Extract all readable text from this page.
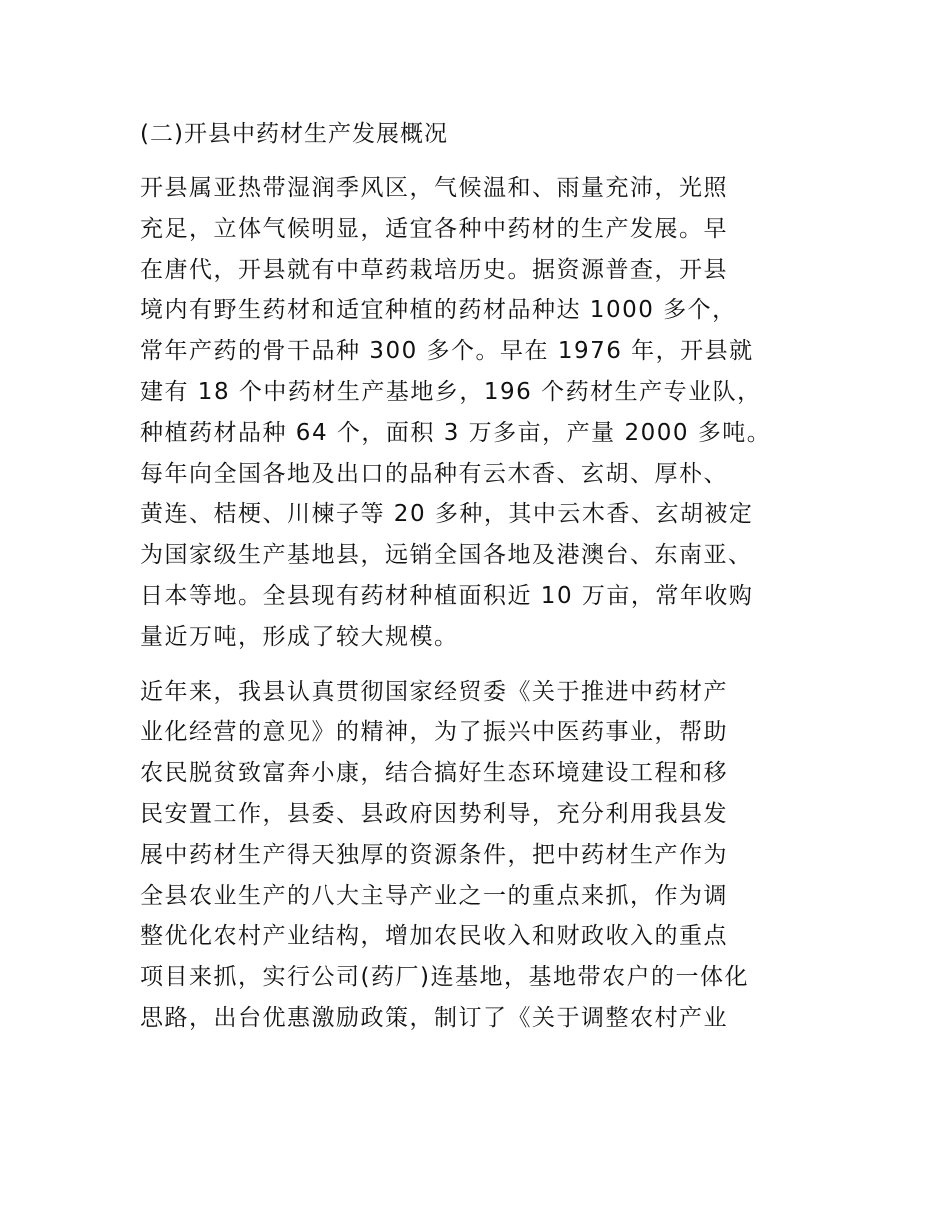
(二)开县中药材生产发展概况
开县属亚热带湿润季风区，气候温和、雨量充沛，光照
充足，立体气候明显，适宜各种中药材的生产发展。早
在唐代，开县就有中草药栽培历史。据资源普查，开县
境内有野生药材和适宜种植的药材品种达 1000 多个，
常年产药的骨干品种 300 多个。早在 1976 年，开县就
建有 18 个中药材生产基地乡，196 个药材生产专业队，
种植药材品种 64 个，面积 3 万多亩，产量 2000 多吨。
每年向全国各地及出口的品种有云木香、玄胡、厚朴、
黄连、桔梗、川楝子等 20 多种，其中云木香、玄胡被定
为国家级生产基地县，远销全国各地及港澳台、东南亚、
日本等地。全县现有药材种植面积近 10 万亩，常年收购
量近万吨，形成了较大规模。
近年来，我县认真贯彻国家经贸委《关于推进中药材产
业化经营的意见》的精神，为了振兴中医药事业，帮助
农民脱贫致富奔小康，结合搞好生态环境建设工程和移
民安置工作，县委、县政府因势利导，充分利用我县发
展中药材生产得天独厚的资源条件，把中药材生产作为
全县农业生产的八大主导产业之一的重点来抓，作为调
整优化农村产业结构，增加农民收入和财政收入的重点
项目来抓，实行公司(药厂)连基地，基地带农户的一体化
思路，出台优惠激励政策，制订了《关于调整农村产业
